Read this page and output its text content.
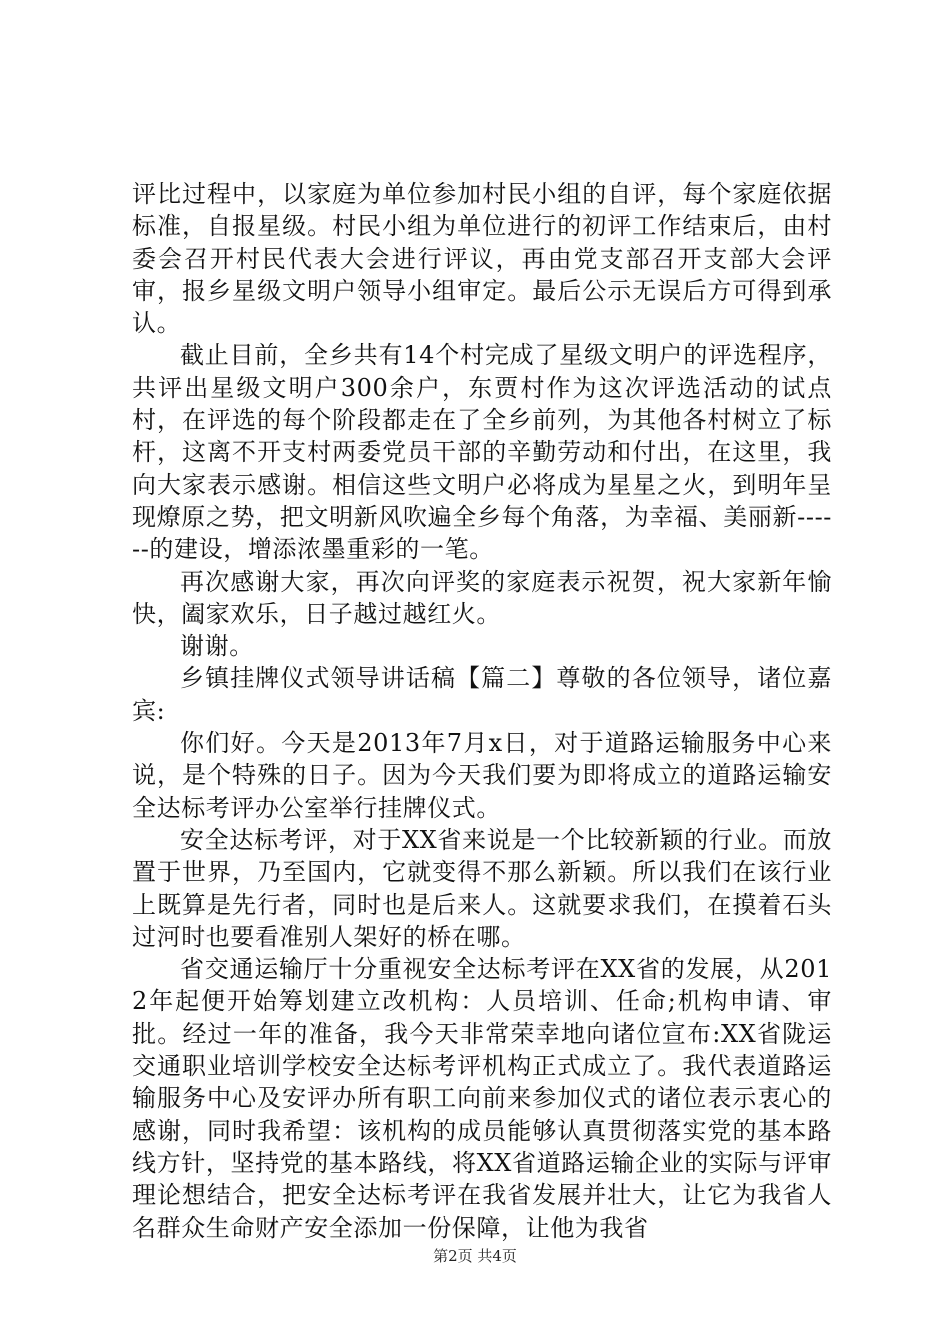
评比过程中，以家庭为单位参加村民小组的自评，每个家庭依据标准，自报星级。村民小组为单位进行的初评工作结束后，由村委会召开村民代表大会进行评议，再由党支部召开支部大会评审，报乡星级文明户领导小组审定。最后公示无误后方可得到承认。

截止目前，全乡共有14个村完成了星级文明户的评选程序，共评出星级文明户300余户，东贾村作为这次评选活动的试点村，在评选的每个阶段都走在了全乡前列，为其他各村树立了标杆，这离不开支村两委党员干部的辛勤劳动和付出，在这里，我向大家表示感谢。相信这些文明户必将成为星星之火，到明年呈现燎原之势，把文明新风吹遍全乡每个角落，为幸福、美丽新------的建设，增添浓墨重彩的一笔。

再次感谢大家，再次向评奖的家庭表示祝贺，祝大家新年愉快，阖家欢乐，日子越过越红火。

谢谢。

乡镇挂牌仪式领导讲话稿【篇二】尊敬的各位领导，诸位嘉宾:

你们好。今天是2013年7月x日，对于道路运输服务中心来说，是个特殊的日子。因为今天我们要为即将成立的道路运输安全达标考评办公室举行挂牌仪式。

安全达标考评，对于XX省来说是一个比较新颖的行业。而放置于世界，乃至国内，它就变得不那么新颖。所以我们在该行业上既算是先行者，同时也是后来人。这就要求我们，在摸着石头过河时也要看准别人架好的桥在哪。

省交通运输厅十分重视安全达标考评在XX省的发展，从2012年起便开始筹划建立改机构：人员培训、任命;机构申请、审批。经过一年的准备，我今天非常荣幸地向诸位宣布:XX省陇运交通职业培训学校安全达标考评机构正式成立了。我代表道路运输服务中心及安评办所有职工向前来参加仪式的诸位表示衷心的感谢，同时我希望：该机构的成员能够认真贯彻落实党的基本路线方针，坚持党的基本路线，将XX省道路运输企业的实际与评审理论想结合，把安全达标考评在我省发展并壮大，让它为我省人名群众生命财产安全添加一份保障，让他为我省

第2页 共4页
